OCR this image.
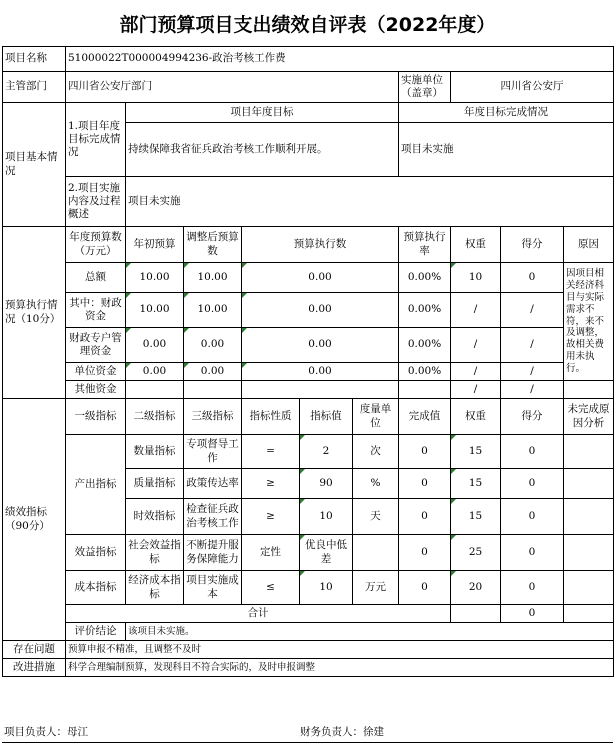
部门预算项目支出绩效自评表（2022年度）
项目名称	51000022T000004994236-政治考核工作费									
主管部门	四川省公安厅部门						实施单位（盖章）	四川省公安厅		
项目基本情况	1.项目年度目标完成情况	项目年度目标					年度目标完成情况			
		持续保障我省征兵政治考核工作顺利开展。					项目未实施			
	2.项目实施内容及过程概述	项目未实施								
预算执行情况（10分）	年度预算数（万元）	年初预算	调整后预算数	预算执行数			预算执行率	权重	得分	原因
	总额	10.00	10.00	0.00			0.00%	10	0	因项目相关经济科目与实际需求不符，来不及调整，故相关费用未执行。
	其中：财政资金	10.00	10.00	0.00			0.00%	/	/	
	财政专户管理资金	0.00	0.00	0.00			0.00%	/	/	
	单位资金	0.00	0.00	0.00			0.00%	/	/	
	其他资金							/	/	
绩效指标（90分）	一级指标	二级指标	三级指标	指标性质	指标值	度量单位	完成值	权重	得分	未完成原因分析
	产出指标	数量指标	专项督导工作	=	2	次	0	15	0	
		质量指标	政策传达率	≥	90	%	0	15	0	
		时效指标	检查征兵政治考核工作	≥	10	天	0	15	0	
	效益指标	社会效益指标	不断提升服务保障能力	定性	优良中低差		0	25	0	
	成本指标	经济成本指标	项目实施成本	≤	10	万元	0	20	0	
	合计								0	
	评价结论	该项目未实施。								
存在问题	预算申报不精准，且调整不及时									
改进措施	科学合理编制预算，发现科目不符合实际的，及时申报调整									
项目负责人：母江	财务负责人：徐建
